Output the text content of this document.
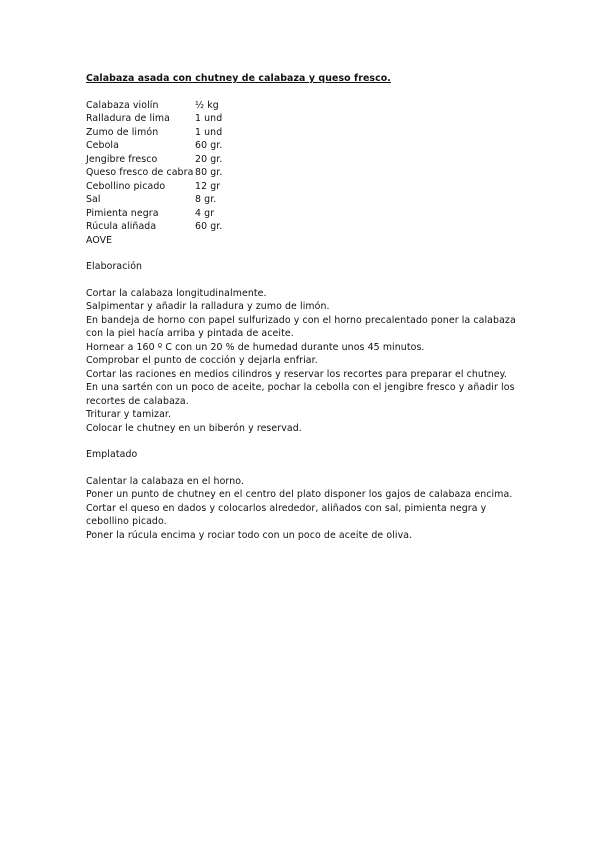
Calabaza asada con chutney de calabaza y queso fresco.
Calabaza violín	½ kg
Ralladura de lima	1 und
Zumo de limón	1 und
Cebola	60 gr.
Jengibre fresco	20 gr.
Queso fresco de cabra 80 gr.
Cebollino picado	12 gr
Sal	8 gr.
Pimienta negra	4 gr
Rúcula aliñada	60 gr.
AOVE
Elaboración
Cortar la calabaza longitudinalmente.
Salpimentar y añadir la ralladura y zumo de limón.
En bandeja de horno con papel sulfurizado y con el horno precalentado poner la calabaza con la piel hacía arriba y pintada de aceite.
Hornear a 160 º C con un 20 % de humedad durante unos 45 minutos.
Comprobar el punto de cocción y dejarla enfriar.
Cortar las raciones en medios cilindros y reservar los recortes para preparar el chutney.
En una sartén con un poco de aceite, pochar la cebolla con el jengibre fresco y añadir los recortes de calabaza.
Triturar y tamizar.
Colocar le chutney en un biberón y reservad.
Emplatado
Calentar la calabaza en el horno.
Poner un punto de chutney en el centro del plato disponer los gajos de calabaza encima.
Cortar el queso en dados y colocarlos alrededor, aliñados con sal, pimienta negra y cebollino picado.
Poner la rúcula encima y rociar todo con un poco de aceite de oliva.
